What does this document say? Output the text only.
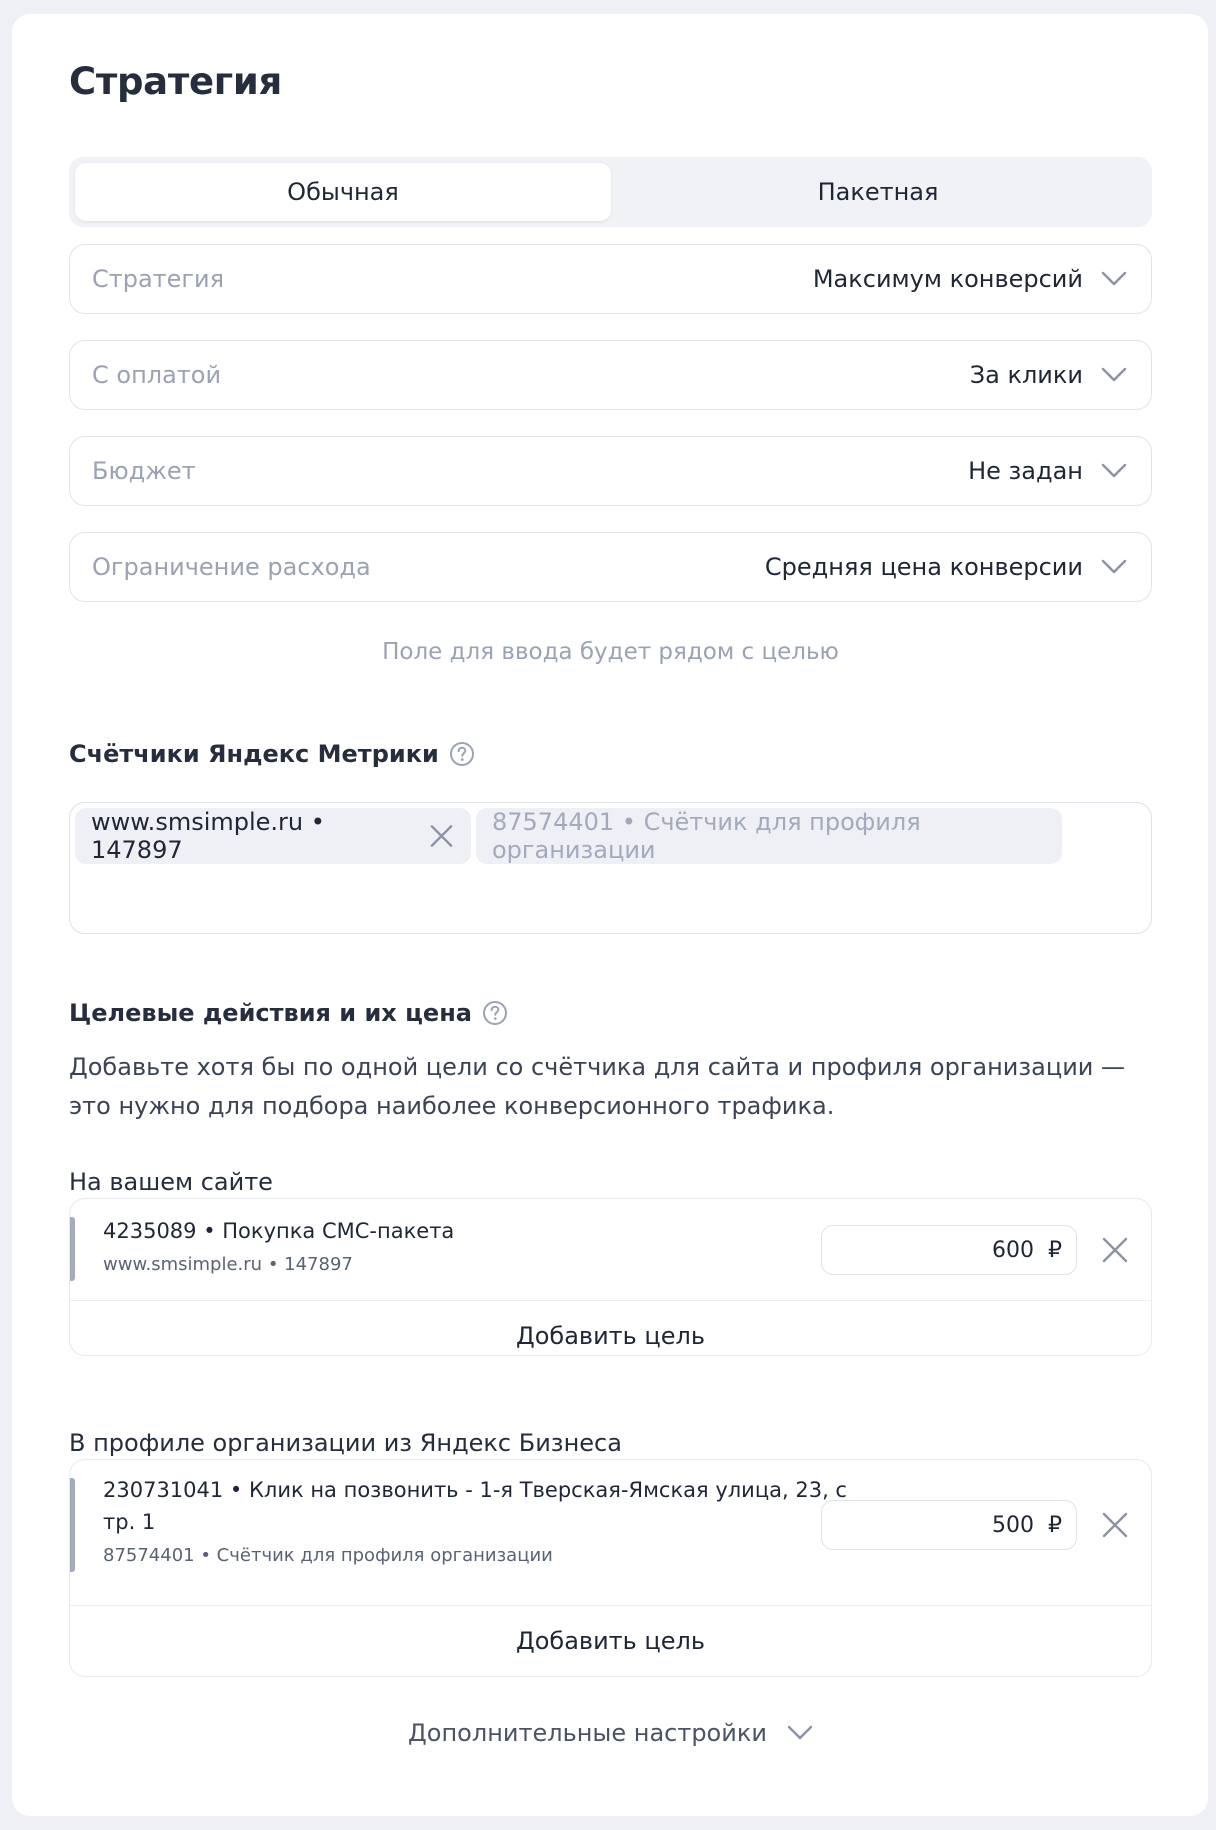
Стратегия
Обычная	Пакетная
Стратегия	Максимум конверсий
С оплатой	За клики
Бюджет	Не задан
Ограничение расхода	Средняя цена конверсии
Поле для ввода будет рядом с целью
Счётчики Яндекс Метрики
www.smsimple.ru • 147897
87574401 • Счётчик для профиля организации
Целевые действия и их цена
Добавьте хотя бы по одной цели со счётчика для сайта и профиля организации — это нужно для подбора наиболее конверсионного трафика.
На вашем сайте
4235089 • Покупка СМС-пакета
www.smsimple.ru • 147897
600 ₽
Добавить цель
В профиле организации из Яндекс Бизнеса
230731041 • Клик на позвонить - 1-я Тверская-Ямская улица, 23, с
тр. 1
87574401 • Счётчик для профиля организации
500 ₽
Добавить цель
Дополнительные настройки
